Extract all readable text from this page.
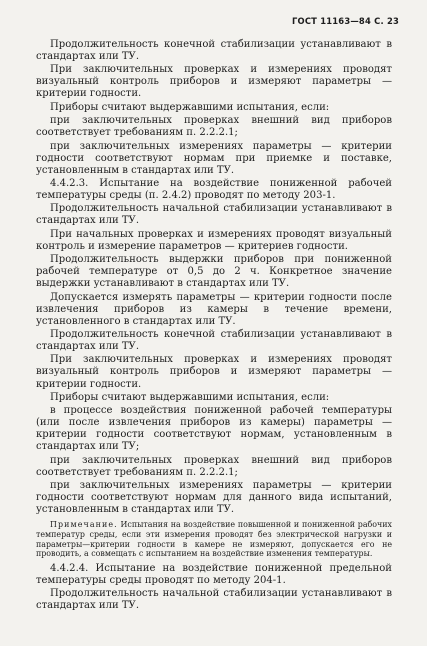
ГОСТ 11163—84 С. 23

Продолжительность конечной стабилизации устанавливают в стандартах или ТУ.

При заключительных проверках и измерениях проводят визуальный контроль приборов и измеряют параметры — критерии годности.

Приборы считают выдержавшими испытания, если:

при заключительных проверках внешний вид приборов соответствует требованиям п. 2.2.2.1;

при заключительных измерениях параметры — критерии годности соответствуют нормам при приемке и поставке, установленным в стандартах или ТУ.

4.4.2.3. Испытание на воздействие пониженной рабочей температуры среды (п. 2.4.2) проводят по методу 203-1.

Продолжительность начальной стабилизации устанавливают в стандартах или ТУ.

При начальных проверках и измерениях проводят визуальный контроль и измерение параметров — критериев годности.

Продолжительность выдержки приборов при пониженной рабочей температуре от 0,5 до 2 ч. Конкретное значение выдержки устанавливают в стандартах или ТУ.

Допускается измерять параметры — критерии годности после извлечения приборов из камеры в течение времени, установленного в стандартах или ТУ.

Продолжительность конечной стабилизации устанавливают в стандартах или ТУ.

При заключительных проверках и измерениях проводят визуальный контроль приборов и измеряют параметры — критерии годности.

Приборы считают выдержавшими испытания, если:

в процессе воздействия пониженной рабочей температуры (или после извлечения приборов из камеры) параметры — критерии годности соответствуют нормам, установленным в стандартах или ТУ;

при заключительных проверках внешний вид приборов соответствует требованиям п. 2.2.2.1;

при заключительных измерениях параметры — критерии годности соответствуют нормам для данного вида испытаний, установленным в стандартах или ТУ.

Примечание. Испытания на воздействие повышенной и пониженной рабочих температур среды, если эти измерения проводят без электрической нагрузки и параметры—критерии годности в камере не измеряют, допускается его не проводить, а совмещать с испытанием на воздействие изменения температуры.

4.4.2.4. Испытание на воздействие пониженной предельной температуры среды проводят по методу 204-1.

Продолжительность начальной стабилизации устанавливают в стандартах или ТУ.
